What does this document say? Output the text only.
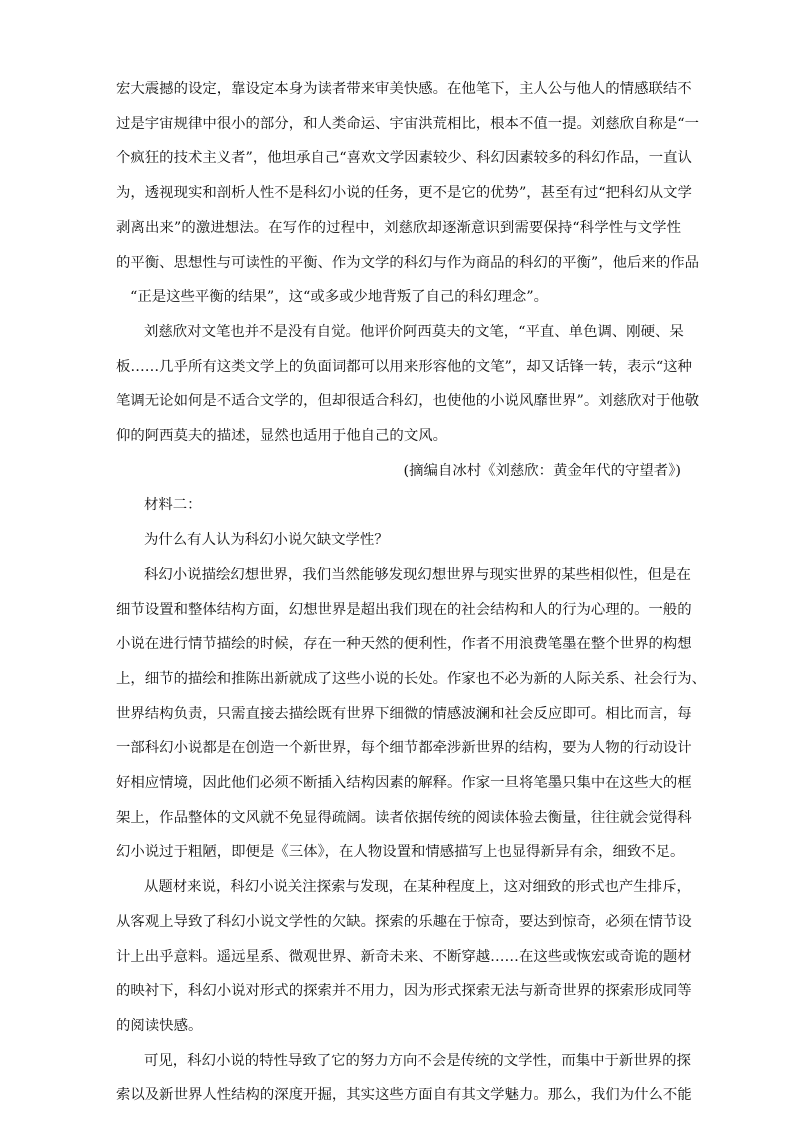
宏大震撼的设定，靠设定本身为读者带来审美快感。在他笔下，主人公与他人的情感联结不

过是宇宙规律中很小的部分，和人类命运、宇宙洪荒相比，根本不值一提。刘慈欣自称是“一

个疯狂的技术主义者”，他坦承自己“喜欢文学因素较少、科幻因素较多的科幻作品，一直认

为，透视现实和剖析人性不是科幻小说的任务，更不是它的优势”，甚至有过“把科幻从文学

剥离出来”的激进想法。在写作的过程中，刘慈欣却逐渐意识到需要保持“科学性与文学性

的平衡、思想性与可读性的平衡、作为文学的科幻与作为商品的科幻的平衡”，他后来的作品

“正是这些平衡的结果”，这“或多或少地背叛了自己的科幻理念”。

刘慈欣对文笔也并不是没有自觉。他评价阿西莫夫的文笔，“平直、单色调、刚硬、呆

板……几乎所有这类文学上的负面词都可以用来形容他的文笔”，却又话锋一转，表示“这种

笔调无论如何是不适合文学的，但却很适合科幻，也使他的小说风靡世界”。刘慈欣对于他敬

仰的阿西莫夫的描述，显然也适用于他自己的文风。

(摘编自冰村《刘慈欣：黄金年代的守望者》)

材料二：

为什么有人认为科幻小说欠缺文学性？

科幻小说描绘幻想世界，我们当然能够发现幻想世界与现实世界的某些相似性，但是在

细节设置和整体结构方面，幻想世界是超出我们现在的社会结构和人的行为心理的。一般的

小说在进行情节描绘的时候，存在一种天然的便利性，作者不用浪费笔墨在整个世界的构想

上，细节的描绘和推陈出新就成了这些小说的长处。作家也不必为新的人际关系、社会行为、

世界结构负责，只需直接去描绘既有世界下细微的情感波澜和社会反应即可。相比而言，每

一部科幻小说都是在创造一个新世界，每个细节都牵涉新世界的结构，要为人物的行动设计

好相应情境，因此他们必须不断插入结构因素的解释。作家一旦将笔墨只集中在这些大的框

架上，作品整体的文风就不免显得疏阔。读者依据传统的阅读体验去衡量，往往就会觉得科

幻小说过于粗陋，即便是《三体》，在人物设置和情感描写上也显得新异有余，细致不足。

从题材来说，科幻小说关注探索与发现，在某种程度上，这对细致的形式也产生排斥，

从客观上导致了科幻小说文学性的欠缺。探索的乐趣在于惊奇，要达到惊奇，必须在情节设

计上出乎意料。遥远星系、微观世界、新奇未来、不断穿越……在这些或恢宏或奇诡的题材

的映衬下，科幻小说对形式的探索并不用力，因为形式探索无法与新奇世界的探索形成同等

的阅读快感。

可见，科幻小说的特性导致了它的努力方向不会是传统的文学性，而集中于新世界的探

索以及新世界人性结构的深度开掘，其实这些方面自有其文学魅力。那么，我们为什么不能
